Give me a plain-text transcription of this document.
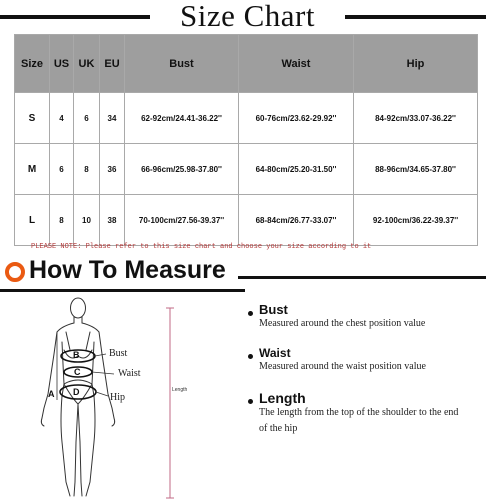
Size Chart
Size	US	UK	EU	Bust	Waist	Hip
S	4	6	34	62-92cm/24.41-36.22''	60-76cm/23.62-29.92''	84-92cm/33.07-36.22''
M	6	8	36	66-96cm/25.98-37.80''	64-80cm/25.20-31.50''	88-96cm/34.65-37.80''
L	8	10	38	70-100cm/27.56-39.37''	68-84cm/26.77-33.07''	92-100cm/36.22-39.37''
PLEASE NOTE: Please refer to this size chart and choose your size according to it
How To Measure
B
C
D
A
Bust
Waist
Hip
Length
Bust
Measured around the chest position value
Waist
Measured around the waist position value
Length
The length from the top of the shoulder to the end of the hip
